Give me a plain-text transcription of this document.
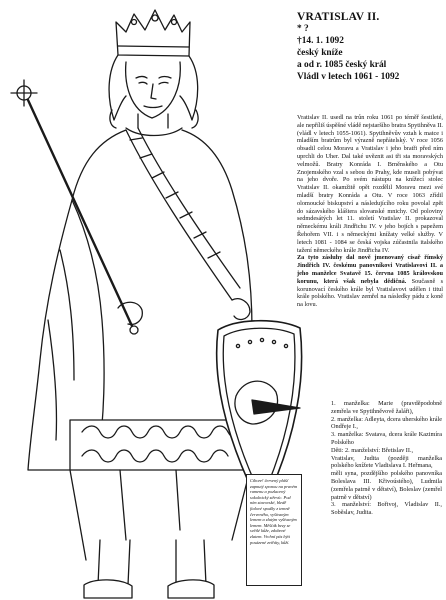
VRATISLAV II.
* ?
†14. 1. 1092
český kníže
a od r. 1085 český král
Vládl v letech 1061 - 1092

Vratislav II. usedl na trůn roku 1061 po téměř šestileté, ale nepříliš úspěšné vládě nejstaršího bratra Spytihněva II. (vládl v letech 1055-1061). Spytihněvův vztah k matce i mladším bratrům byl výrazně nepřátelský. V roce 1056 obsadil celou Moravu a Vratislav i jeho bratři před ním uprchli do Uher. Dal také uvěznit asi tři sta moravských velmožů. Bratry Konráda I. Brněnského a Otu Znojemského vzal s sebou do Prahy, kde museli pobývat na jeho dvoře. Po svém nástupu na knížecí stolec Vratislav II. okamžitě opět rozdělil Moravu mezi své mladší bratry Konráda a Otu. V roce 1063 zřídil olomoucké biskupství a následujícího roku povolal zpět do sázavského kláštera slovanské mnichy. Od poloviny sedmdesátých let 11. století Vratislav II. prokazoval německému králi Jindřichu IV. v jeho bojích s papežem Řehořem VII. i s německými knížaty velké služby. V letech 1081 - 1084 se česká vojska zúčastnila italského tažení německého krále Jindřicha IV.

Za tyto zásluhy dal nově jmenovaný císař římský Jindřich IV. českému panovníkovi Vratislavovi II. a jeho manželce Svatavě 15. června 1085 královskou korunu, která však nebyla dědičná. Současně s korunovací českého krále byl Vratislavovi udělen i titul krále polského. Vratislav zemřel na následky pádu z koně na lovu.

1. manželka: Marie (pravděpodobně zemřela ve Spytihněvově žaláři),

2. manželka: Adleyta, dcera uherského krále Ondřeje I.,

3. manželka: Svatava, dcera krále Kazimíra Polského

Děti: 2. manželství: Břetislav II.,

Vratislav, Judita (později manželka polského knížete Vladislava I. Heřmana,

měli syna, pozdějšího polského panovníka Boleslava III. Křivoústého), Ludmila (zemřela patrně v dětství), Boleslav (zemřel patrně v dětství)

3. manželství: Bořivoj, Vladislav II., Soběslav, Judita.

Cíbore! červený plášť zapnutý sponou na pravém ramenu a pozlacený sokolnický střevíc. Pod ním stavovské, bledě fialové spodky z temně červeného, vyšívaným lemem a zlatým vyšívaným lemem. Měšťák bezy se světlé kůže, zdobené zlatem. Vrchní pás býti posázené zvířáty, kůží.
